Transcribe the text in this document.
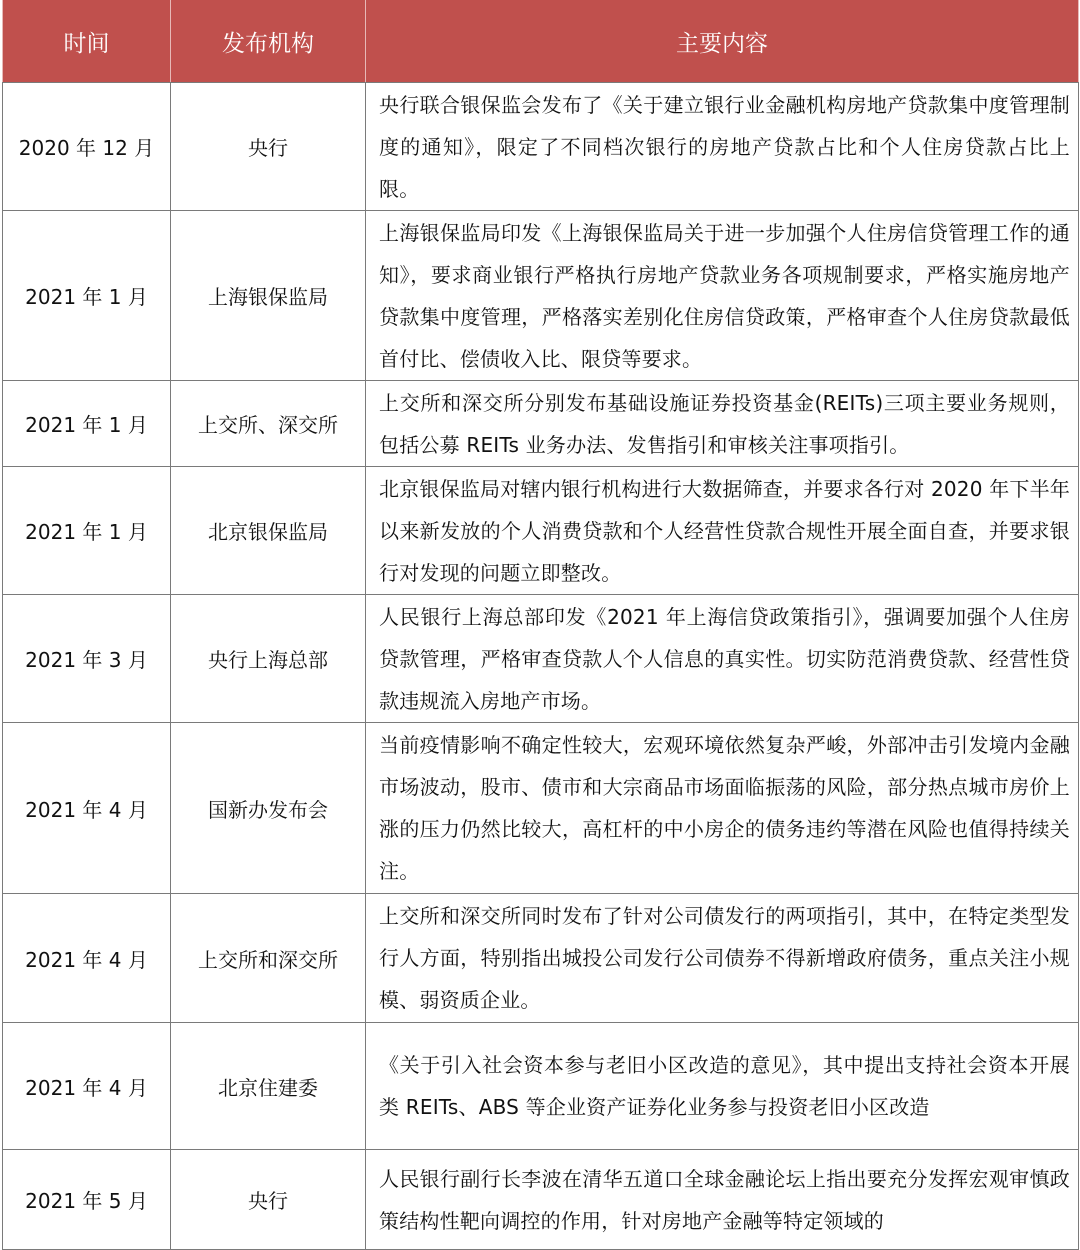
时间	发布机构	主要内容
2020 年 12 月	央行	央行联合银保监会发布了《关于建立银行业金融机构房地产贷款集中度管理制度的通知》，限定了不同档次银行的房地产贷款占比和个人住房贷款占比上限。
2021 年 1 月	上海银保监局	上海银保监局印发《上海银保监局关于进一步加强个人住房信贷管理工作的通知》，要求商业银行严格执行房地产贷款业务各项规制要求，严格实施房地产贷款集中度管理，严格落实差别化住房信贷政策，严格审查个人住房贷款最低首付比、偿债收入比、限贷等要求。
2021 年 1 月	上交所、深交所	上交所和深交所分别发布基础设施证券投资基金(REITs)三项主要业务规则，包括公募 REITs 业务办法、发售指引和审核关注事项指引。
2021 年 1 月	北京银保监局	北京银保监局对辖内银行机构进行大数据筛查，并要求各行对 2020 年下半年以来新发放的个人消费贷款和个人经营性贷款合规性开展全面自查，并要求银行对发现的问题立即整改。
2021 年 3 月	央行上海总部	人民银行上海总部印发《2021 年上海信贷政策指引》，强调要加强个人住房贷款管理，严格审查贷款人个人信息的真实性。切实防范消费贷款、经营性贷款违规流入房地产市场。
2021 年 4 月	国新办发布会	当前疫情影响不确定性较大，宏观环境依然复杂严峻，外部冲击引发境内金融市场波动，股市、债市和大宗商品市场面临振荡的风险，部分热点城市房价上涨的压力仍然比较大，高杠杆的中小房企的债务违约等潜在风险也值得持续关注。
2021 年 4 月	上交所和深交所	上交所和深交所同时发布了针对公司债发行的两项指引，其中，在特定类型发行人方面，特别指出城投公司发行公司债券不得新增政府债务，重点关注小规模、弱资质企业。
2021 年 4 月	北京住建委	《关于引入社会资本参与老旧小区改造的意见》，其中提出支持社会资本开展类 REITs、ABS 等企业资产证券化业务参与投资老旧小区改造
2021 年 5 月	央行	人民银行副行长李波在清华五道口全球金融论坛上指出要充分发挥宏观审慎政策结构性靶向调控的作用，针对房地产金融等特定领域的
